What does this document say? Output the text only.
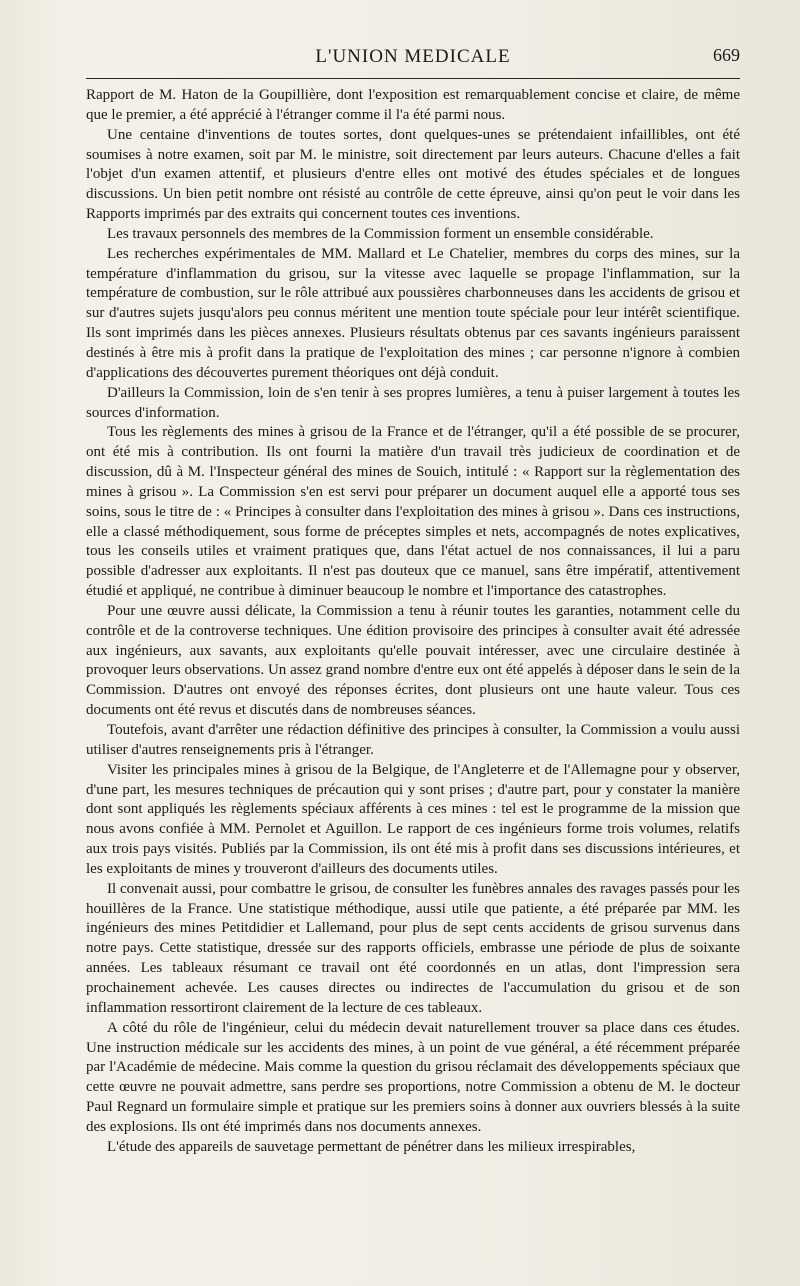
L'UNION MEDICALE	669

Rapport de M. Haton de la Goupillière, dont l'exposition est remarquablement concise et claire, de même que le premier, a été apprécié à l'étranger comme il l'a été parmi nous.

Une centaine d'inventions de toutes sortes, dont quelques-unes se prétendaient infaillibles, ont été soumises à notre examen, soit par M. le ministre, soit directement par leurs auteurs. Chacune d'elles a fait l'objet d'un examen attentif, et plusieurs d'entre elles ont motivé des études spéciales et de longues discussions. Un bien petit nombre ont résisté au contrôle de cette épreuve, ainsi qu'on peut le voir dans les Rapports imprimés par des extraits qui concernent toutes ces inventions.

Les travaux personnels des membres de la Commission forment un ensemble considérable.

Les recherches expérimentales de MM. Mallard et Le Chatelier, membres du corps des mines, sur la température d'inflammation du grisou, sur la vitesse avec laquelle se propage l'inflammation, sur la température de combustion, sur le rôle attribué aux poussières charbonneuses dans les accidents de grisou et sur d'autres sujets jusqu'alors peu connus méritent une mention toute spéciale pour leur intérêt scientifique. Ils sont imprimés dans les pièces annexes. Plusieurs résultats obtenus par ces savants ingénieurs paraissent destinés à être mis à profit dans la pratique de l'exploitation des mines ; car personne n'ignore à combien d'applications des découvertes purement théoriques ont déjà conduit.

D'ailleurs la Commission, loin de s'en tenir à ses propres lumières, a tenu à puiser largement à toutes les sources d'information.

Tous les règlements des mines à grisou de la France et de l'étranger, qu'il a été possible de se procurer, ont été mis à contribution. Ils ont fourni la matière d'un travail très judicieux de coordination et de discussion, dû à M. l'Inspecteur général des mines de Souich, intitulé : « Rapport sur la règlementation des mines à grisou ». La Commission s'en est servi pour préparer un document auquel elle a apporté tous ses soins, sous le titre de : « Principes à consulter dans l'exploitation des mines à grisou ». Dans ces instructions, elle a classé méthodiquement, sous forme de préceptes simples et nets, accompagnés de notes explicatives, tous les conseils utiles et vraiment pratiques que, dans l'état actuel de nos connaissances, il lui a paru possible d'adresser aux exploitants. Il n'est pas douteux que ce manuel, sans être impératif, attentivement étudié et appliqué, ne contribue à diminuer beaucoup le nombre et l'importance des catastrophes.

Pour une œuvre aussi délicate, la Commission a tenu à réunir toutes les garanties, notamment celle du contrôle et de la controverse techniques. Une édition provisoire des principes à consulter avait été adressée aux ingénieurs, aux savants, aux exploitants qu'elle pouvait intéresser, avec une circulaire destinée à provoquer leurs observations. Un assez grand nombre d'entre eux ont été appelés à déposer dans le sein de la Commission. D'autres ont envoyé des réponses écrites, dont plusieurs ont une haute valeur. Tous ces documents ont été revus et discutés dans de nombreuses séances.

Toutefois, avant d'arrêter une rédaction définitive des principes à consulter, la Commission a voulu aussi utiliser d'autres renseignements pris à l'étranger.

Visiter les principales mines à grisou de la Belgique, de l'Angleterre et de l'Allemagne pour y observer, d'une part, les mesures techniques de précaution qui y sont prises ; d'autre part, pour y constater la manière dont sont appliqués les règlements spéciaux afférents à ces mines : tel est le programme de la mission que nous avons confiée à MM. Pernolet et Aguillon. Le rapport de ces ingénieurs forme trois volumes, relatifs aux trois pays visités. Publiés par la Commission, ils ont été mis à profit dans ses discussions intérieures, et les exploitants de mines y trouveront d'ailleurs des documents utiles.

Il convenait aussi, pour combattre le grisou, de consulter les funèbres annales des ravages passés pour les houillères de la France. Une statistique méthodique, aussi utile que patiente, a été préparée par MM. les ingénieurs des mines Petitdidier et Lallemand, pour plus de sept cents accidents de grisou survenus dans notre pays. Cette statistique, dressée sur des rapports officiels, embrasse une période de plus de soixante années. Les tableaux résumant ce travail ont été coordonnés en un atlas, dont l'impression sera prochainement achevée. Les causes directes ou indirectes de l'accumulation du grisou et de son inflammation ressortiront clairement de la lecture de ces tableaux.

A côté du rôle de l'ingénieur, celui du médecin devait naturellement trouver sa place dans ces études. Une instruction médicale sur les accidents des mines, à un point de vue général, a été récemment préparée par l'Académie de médecine. Mais comme la question du grisou réclamait des développements spéciaux que cette œuvre ne pouvait admettre, sans perdre ses proportions, notre Commission a obtenu de M. le docteur Paul Regnard un formulaire simple et pratique sur les premiers soins à donner aux ouvriers blessés à la suite des explosions. Ils ont été imprimés dans nos documents annexes.

L'étude des appareils de sauvetage permettant de pénétrer dans les milieux irrespirables,
